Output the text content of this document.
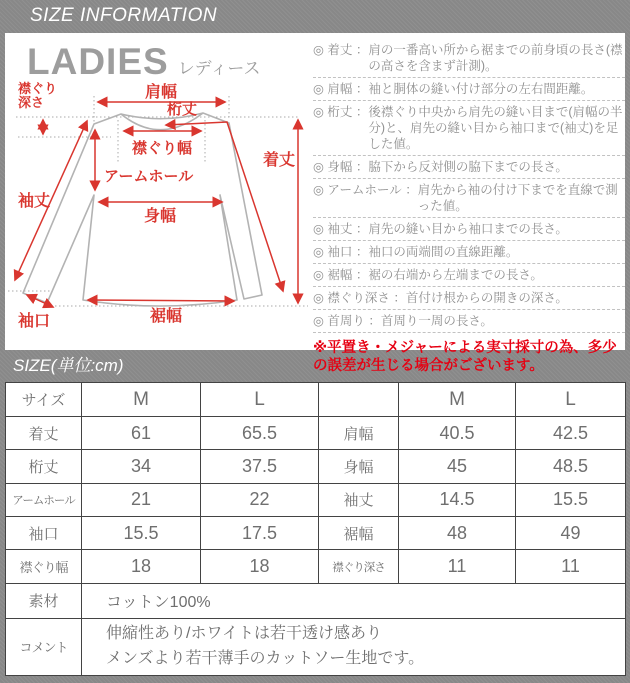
SIZE INFORMATION
LADIES レディース
肩幅
襟ぐり
深さ	桁丈
襟ぐり幅
アームホール
身幅
袖丈
袖口	裾幅
着丈
◎ 着丈 ： 肩の一番高い所から裾までの前身頃の長さ(襟の高さを含まず計測)。
◎ 肩幅 ： 袖と胴体の縫い付け部分の左右間距離。
◎ 桁丈 ： 後襟ぐり中央から肩先の縫い目まで(肩幅の半分)と、肩先の縫い目から袖口まで(袖丈)を足した値。
◎ 身幅 ： 脇下から反対側の脇下までの長さ。
◎ アームホール ： 肩先から袖の付け下までを直線で測った値。
◎ 袖丈 ： 肩先の縫い目から袖口までの長さ。
◎ 袖口 ： 袖口の両端間の直線距離。
◎ 裾幅 ： 裾の右端から左端までの長さ。
◎ 襟ぐり深さ ： 首付け根からの開きの深さ。
◎ 首周り ： 首周り一周の長さ。
※平置き・メジャーによる実寸採寸の為、多少の誤差が生じる場合がございます。
SIZE(単位:cm)
サイズ	M	L		M	L
着丈	61	65.5	肩幅	40.5	42.5
桁丈	34	37.5	身幅	45	48.5
アームホール	21	22	袖丈	14.5	15.5
袖口	15.5	17.5	裾幅	48	49
襟ぐり幅	18	18	襟ぐり深さ	11	11
素材	コットン100%				
コメント	伸縮性あり/ホワイトは若干透け感あり
メンズより若干薄手のカットソー生地です。				
